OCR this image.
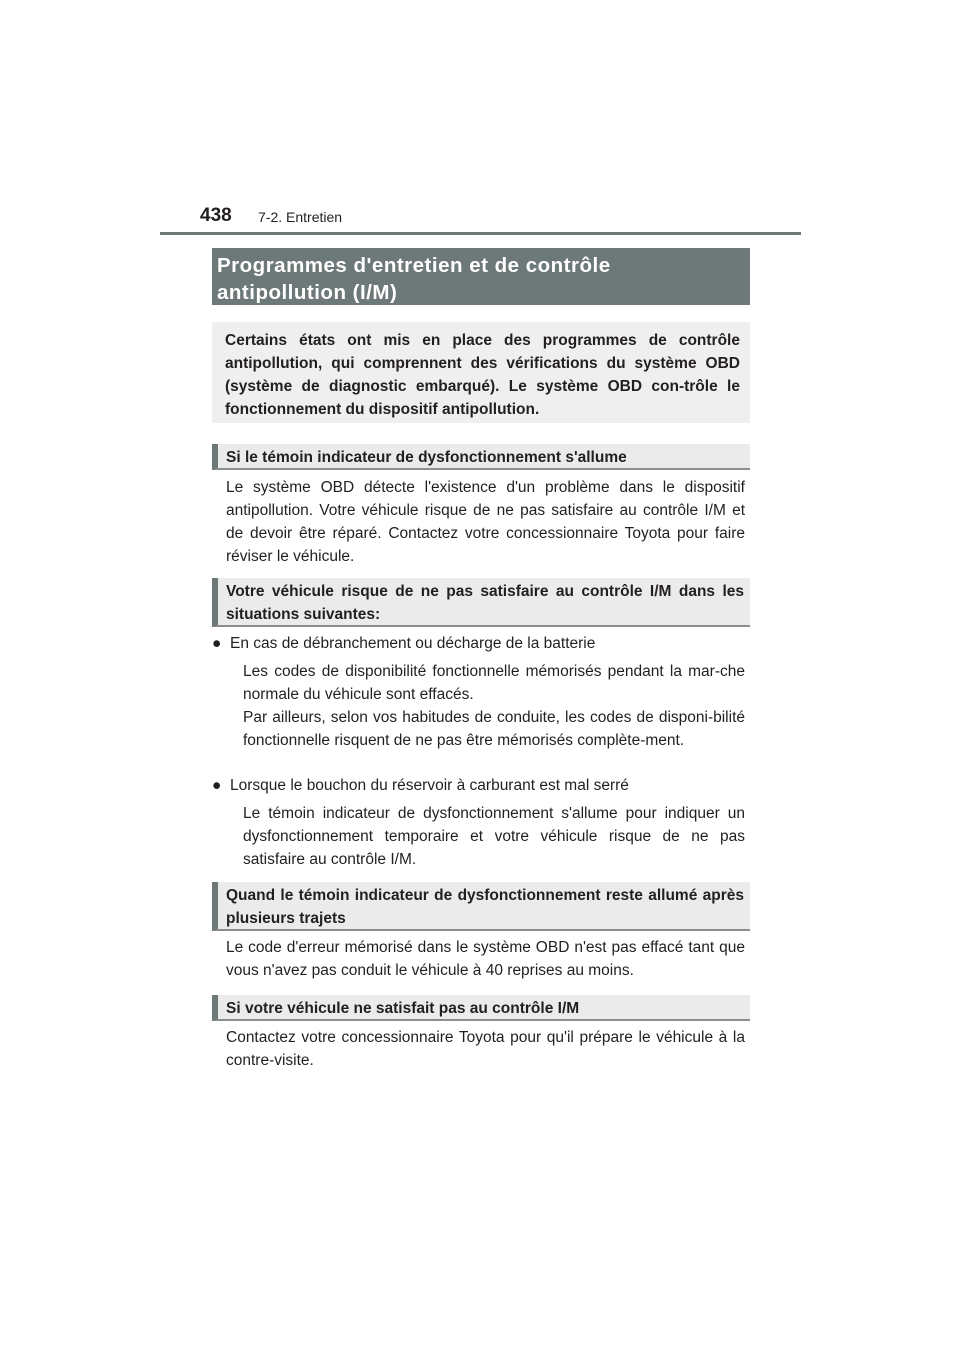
438 7-2. Entretien
Programmes d'entretien et de contrôle
antipollution (I/M)
Certains états ont mis en place des programmes de contrôle antipollution, qui comprennent des vérifications du système OBD (système de diagnostic embarqué). Le système OBD con-trôle le fonctionnement du dispositif antipollution.
Si le témoin indicateur de dysfonctionnement s'allume

Le système OBD détecte l'existence d'un problème dans le dispositif antipollution. Votre véhicule risque de ne pas satisfaire au contrôle I/M et de devoir être réparé. Contactez votre concessionnaire Toyota pour faire réviser le véhicule.

Votre véhicule risque de ne pas satisfaire au contrôle I/M dans les situations suivantes:
● En cas de débranchement ou décharge de la batterie

Les codes de disponibilité fonctionnelle mémorisés pendant la mar-che normale du véhicule sont effacés.

Par ailleurs, selon vos habitudes de conduite, les codes de disponi-bilité fonctionnelle risquent de ne pas être mémorisés complète-ment.

● Lorsque le bouchon du réservoir à carburant est mal serré

Le témoin indicateur de dysfonctionnement s'allume pour indiquer un dysfonctionnement temporaire et votre véhicule risque de ne pas satisfaire au contrôle I/M.

Quand le témoin indicateur de dysfonctionnement reste allumé après plusieurs trajets

Le code d'erreur mémorisé dans le système OBD n'est pas effacé tant que vous n'avez pas conduit le véhicule à 40 reprises au moins.

Si votre véhicule ne satisfait pas au contrôle I/M

Contactez votre concessionnaire Toyota pour qu'il prépare le véhicule à la contre-visite.
